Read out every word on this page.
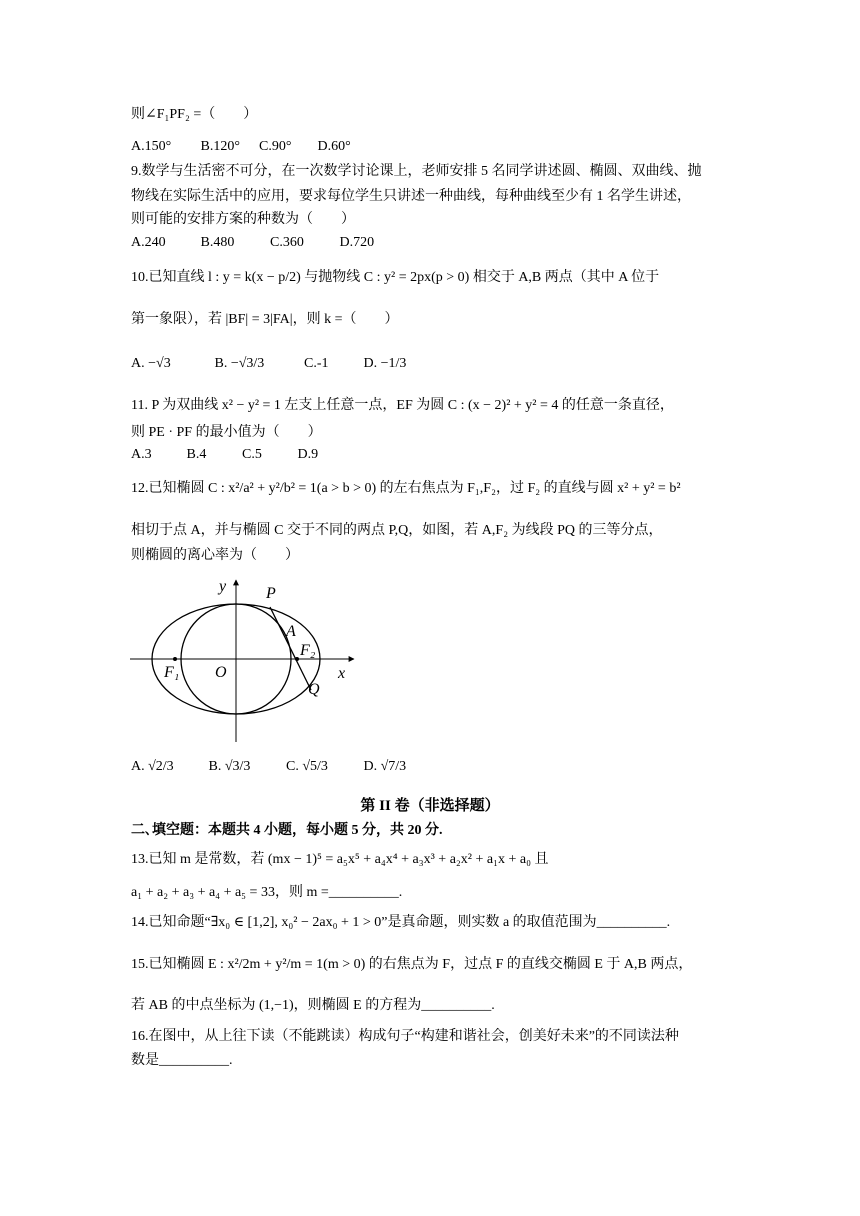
则∠F₁PF₂ =（　　）
A.150° B.120° C.90° D.60°
9.数学与生活密不可分，在一次数学讨论课上，老师安排 5 名同学讲述圆、椭圆、双曲线、抛
物线在实际生活中的应用，要求每位学生只讲述一种曲线，每种曲线至少有 1 名学生讲述，
则可能的安排方案的种数为（　　）
A.240 B.480	C.360	D.720
10.已知直线 l : y = k(x − p/2) 与抛物线 C : y² = 2px(p > 0) 相交于 A,B 两点（其中 A 位于
第一象限），若 |BF| = 3|FA|，则 k =（　　）
A. −√3	B. −√3/3	C.-1	D. −1/3
11. P 为双曲线 x² − y² = 1 左支上任意一点，EF 为圆 C : (x − 2)² + y² = 4 的任意一条直径，
则 PE · PF 的最小值为（　　）
A.3 B.4	C.5	D.9
12.已知椭圆 C : x²/a² + y²/b² = 1(a > b > 0) 的左右焦点为 F₁,F₂，过 F₂ 的直线与圆 x² + y² = b²
相切于点 A，并与椭圆 C 交于不同的两点 P,Q，如图，若 A,F₂ 为线段 PQ 的三等分点，
则椭圆的离心率为（　　）
y
x
P
A
F₂
F₁ O
Q
A. √2/3 B. √3/3	C. √5/3	D. √7/3
第 II 卷（非选择题）
二､填空题：本题共 4 小题，每小题 5 分，共 20 分.
13.已知 m 是常数，若 (mx − 1)⁵ = a₅x⁵ + a₄x⁴ + a₃x³ + a₂x² + a₁x + a₀ 且
a₁ + a₂ + a₃ + a₄ + a₅ = 33，则 m =__________.
14.已知命题“∃x₀ ∈ [1,2], x₀² − 2ax₀ + 1 > 0”是真命题，则实数 a 的取值范围为__________.
15.已知椭圆 E : x²/2m + y²/m = 1(m > 0) 的右焦点为 F，过点 F 的直线交椭圆 E 于 A,B 两点，
若 AB 的中点坐标为 (1,−1)，则椭圆 E 的方程为__________.
16.在图中，从上往下读（不能跳读）构成句子“构建和谐社会，创美好未来”的不同读法种
数是__________.
